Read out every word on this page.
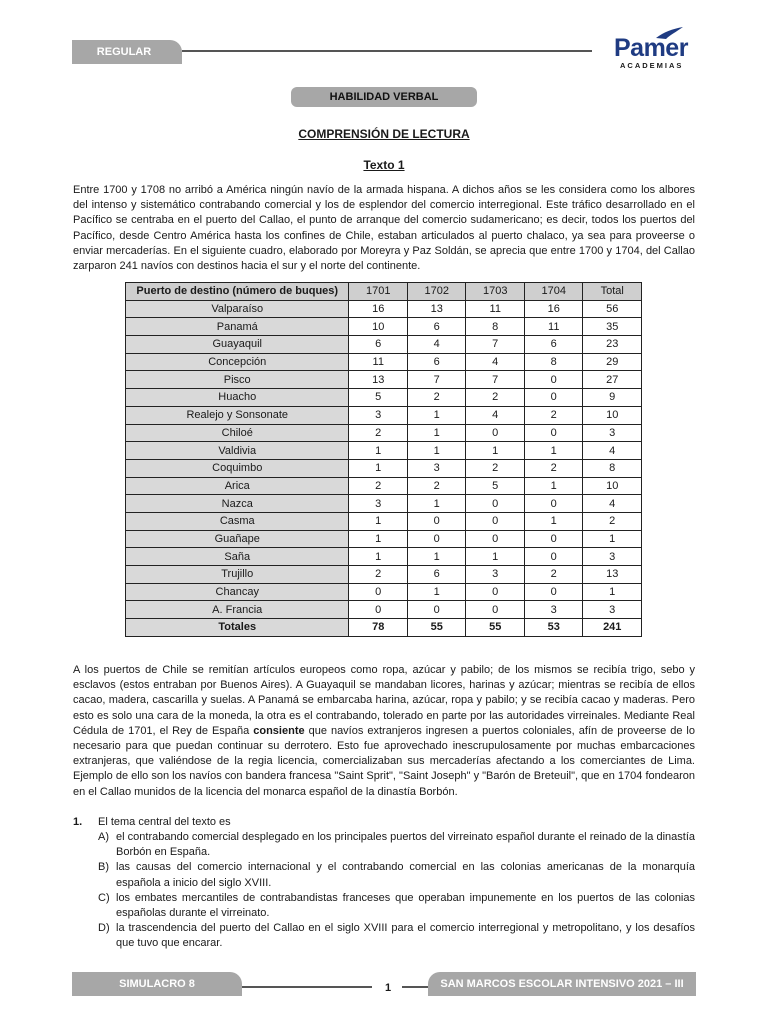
REGULAR	Pamer
ACADEMIAS
HABILIDAD VERBAL
COMPRENSIÓN DE LECTURA
Texto 1
Entre 1700 y 1708 no arribó a América ningún navío de la armada hispana. A dichos años se les considera como los albores del intenso y sistemático contrabando comercial y los de esplendor del comercio interregional. Este tráfico desarrollado en el Pacífico se centraba en el puerto del Callao, el punto de arranque del comercio sudamericano; es decir, todos los puertos del Pacífico, desde Centro América hasta los confines de Chile, estaban articulados al puerto chalaco, ya sea para proveerse o enviar mercaderías. En el siguiente cuadro, elaborado por Moreyra y Paz Soldán, se aprecia que entre 1700 y 1704, del Callao zarparon 241 navíos con destinos hacia el sur y el norte del continente.
Puerto de destino (número de buques)	1701	1702	1703	1704	Total
Valparaíso	16	13	11	16	56
Panamá	10	6	8	11	35
Guayaquil	6	4	7	6	23
Concepción	11	6	4	8	29
Pisco	13	7	7	0	27
Huacho	5	2	2	0	9
Realejo y Sonsonate	3	1	4	2	10
Chiloé	2	1	0	0	3
Valdivia	1	1	1	1	4
Coquimbo	1	3	2	2	8
Arica	2	2	5	1	10
Nazca	3	1	0	0	4
Casma	1	0	0	1	2
Guañape	1	0	0	0	1
Saña	1	1	1	0	3
Trujillo	2	6	3	2	13
Chancay	0	1	0	0	1
A. Francia	0	0	0	3	3
Totales	78	55	55	53	241
A los puertos de Chile se remitían artículos europeos como ropa, azúcar y pabilo; de los mismos se recibía trigo, sebo y esclavos (estos entraban por Buenos Aires). A Guayaquil se mandaban licores, harinas y azúcar; mientras se recibía de ellos cacao, madera, cascarilla y suelas. A Panamá se embarcaba harina, azúcar, ropa y pabilo; y se recibía cacao y maderas. Pero esto es solo una cara de la moneda, la otra es el contrabando, tolerado en parte por las autoridades virreinales. Mediante Real Cédula de 1701, el Rey de España consiente que navíos extranjeros ingresen a puertos coloniales, afín de proveerse de lo necesario para que puedan continuar su derrotero. Esto fue aprovechado inescrupulosamente por muchas embarcaciones extranjeras, que valiéndose de la regia licencia, comercializaban sus mercaderías afectando a los comerciantes de Lima. Ejemplo de ello son los navíos con bandera francesa "Saint Sprit", "Saint Joseph" y "Barón de Breteuil", que en 1704 fondearon en el Callao munidos de la licencia del monarca español de la dinastía Borbón.
1. El tema central del texto es
A) el contrabando comercial desplegado en los principales puertos del virreinato español durante el reinado de la dinastía Borbón en España.
B) las causas del comercio internacional y el contrabando comercial en las colonias americanas de la monarquía española a inicio del siglo XVIII.
C) los embates mercantiles de contrabandistas franceses que operaban impunemente en los puertos de las colonias españolas durante el virreinato.
D) la trascendencia del puerto del Callao en el siglo XVIII para el comercio interregional y metropolitano, y los desafíos que tuvo que encarar.
SIMULACRO 8	1	SAN MARCOS ESCOLAR INTENSIVO 2021 – III
